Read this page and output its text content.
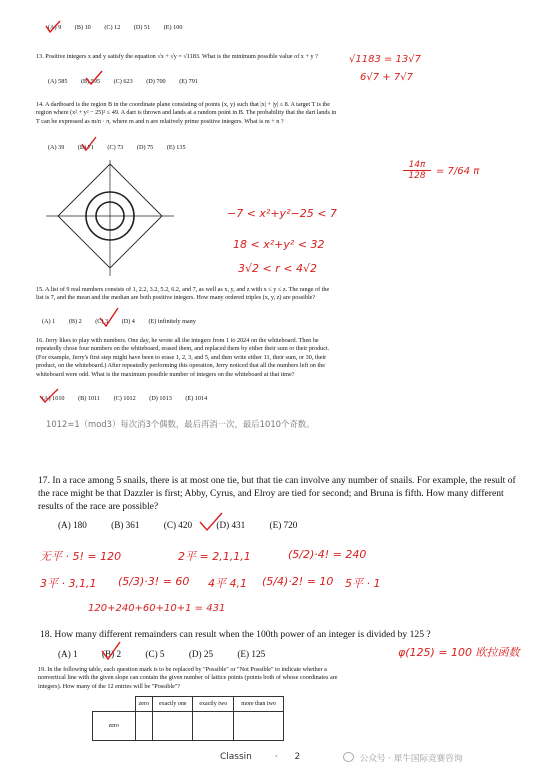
(A) 9 (B) 10 (C) 12 (D) 51 (E) 100
13. Positive integers x and y satisfy the equation √x + √y = √1183. What is the minimum possible value of x + y ?
(A) 585 (B) 595 (C) 623 (D) 700 (E) 791
√1183 = 13√7
6√7 + 7√7
14. A dartboard is the region B in the coordinate plane consisting of points (x, y) such that |x| + |y| ≤ 8. A target T is the region where (x² + y² − 25)² ≤ 49. A dart is thrown and lands at a random point in B. The probability that the dart lands in T can be expressed as m/n · π, where m and n are relatively prime positive integers. What is m + n ?
(A) 39 (B) 71 (C) 73 (D) 75 (E) 135
14π
128	= 7/64 π
−7 < x²+y²−25 < 7
18 < x²+y² < 32
3√2 < r < 4√2
15. A list of 9 real numbers consists of 1, 2.2, 3.2, 5.2, 6.2, and 7, as well as x, y, and z with x ≤ y ≤ z. The range of the list is 7, and the mean and the median are both positive integers. How many ordered triples (x, y, z) are possible?
(A) 1 (B) 2 (C) 3 (D) 4 (E) infinitely many
16. Jerry likes to play with numbers. One day, he wrote all the integers from 1 to 2024 on the whiteboard. Then he repeatedly chose four numbers on the whiteboard, erased them, and replaced them by either their sum or their product. (For example, Jerry's first step might have been to erase 1, 2, 3, and 5, and then write either 11, their sum, or 30, their product, on the whiteboard.) After repeatedly performing this operation, Jerry noticed that all the numbers left on the whiteboard were odd. What is the maximum possible number of integers on the whiteboard at that time?
(A) 1010 (B) 1011 (C) 1012 (D) 1013 (E) 1014
1012=1（mod3）每次消3个偶数，最后再消一次，最后1010个奇数。
17. In a race among 5 snails, there is at most one tie, but that tie can involve any number of snails. For example, the result of the race might be that Dazzler is first; Abby, Cyrus, and Elroy are tied for second; and Bruna is fifth. How many different results of the race are possible?
(A) 180	(B) 361	(C) 420	(D) 431	(E) 720
无平 · 5! = 120	2平 = 2,1,1,1	(5/2)·4! = 240
3平 · 3,1,1 (5/3)·3! = 60 4平 4,1 (5/4)·2! = 10 5平 · 1
120+240+60+10+1 = 431
18. How many different remainders can result when the 100th power of an integer is divided by 125 ?
(A) 1	(B) 2	(C) 5	(D) 25	(E) 125	φ(125) = 100 欧拉函数
19. In the following table, each question mark is to be replaced by "Possible" or "Not Possible" to indicate whether a nonvertical line with the given slope can contain the given number of lattice points (points both of whose coordinates are integers). How many of the 12 entries will be "Possible"?
	zero	exactly one	exactly two	more than two
zero				
Classin	· 2	公众号 · 犀牛国际竞赛咨询
